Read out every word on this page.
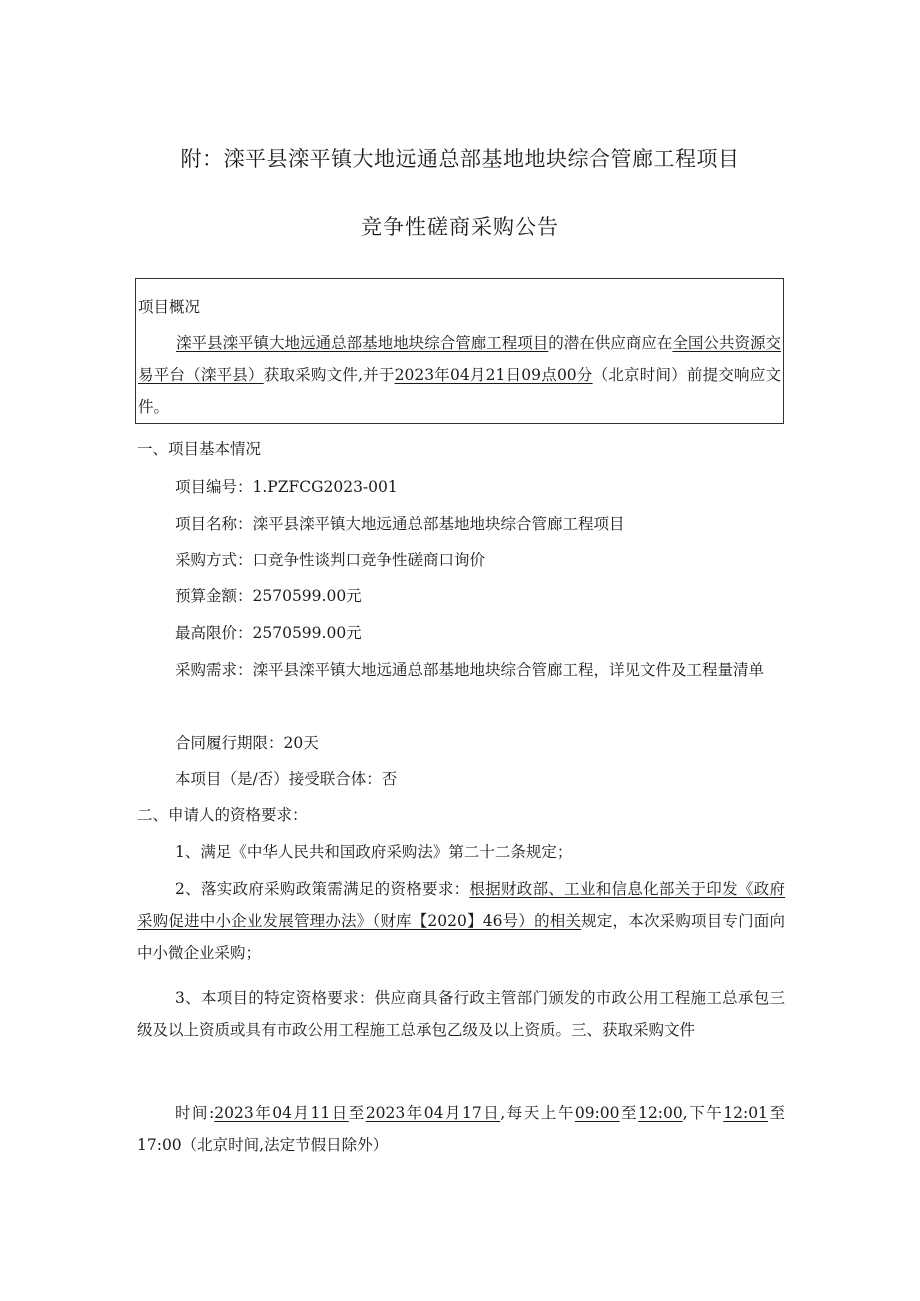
附：滦平县滦平镇大地远通总部基地地块综合管廊工程项目
竞争性磋商采购公告
项目概况
滦平县滦平镇大地远通总部基地地块综合管廊工程项目的潜在供应商应在全国公共资源交易平台（滦平县）获取采购文件,并于2023年04月21日09点00分（北京时间）前提交响应文件。
一、项目基本情况
项目编号：1.PZFCG2023-001
项目名称：滦平县滦平镇大地远通总部基地地块综合管廊工程项目
采购方式：口竞争性谈判口竞争性磋商口询价
预算金额：2570599.00元
最高限价：2570599.00元
采购需求：滦平县滦平镇大地远通总部基地地块综合管廊工程，详见文件及工程量清单
合同履行期限：20天
本项目（是/否）接受联合体：否
二、申请人的资格要求：
1、满足《中华人民共和国政府采购法》第二十二条规定；
2、落实政府采购政策需满足的资格要求：根据财政部、工业和信息化部关于印发《政府采购促进中小企业发展管理办法》（财库【2020】46号）的相关规定，本次采购项目专门面向中小微企业采购；
3、本项目的特定资格要求：供应商具备行政主管部门颁发的市政公用工程施工总承包三级及以上资质或具有市政公用工程施工总承包乙级及以上资质。三、获取采购文件
时间:2023年04月11日至2023年04月17日,每天上午09:00至12:00,下午12:01至17:00（北京时间,法定节假日除外）
